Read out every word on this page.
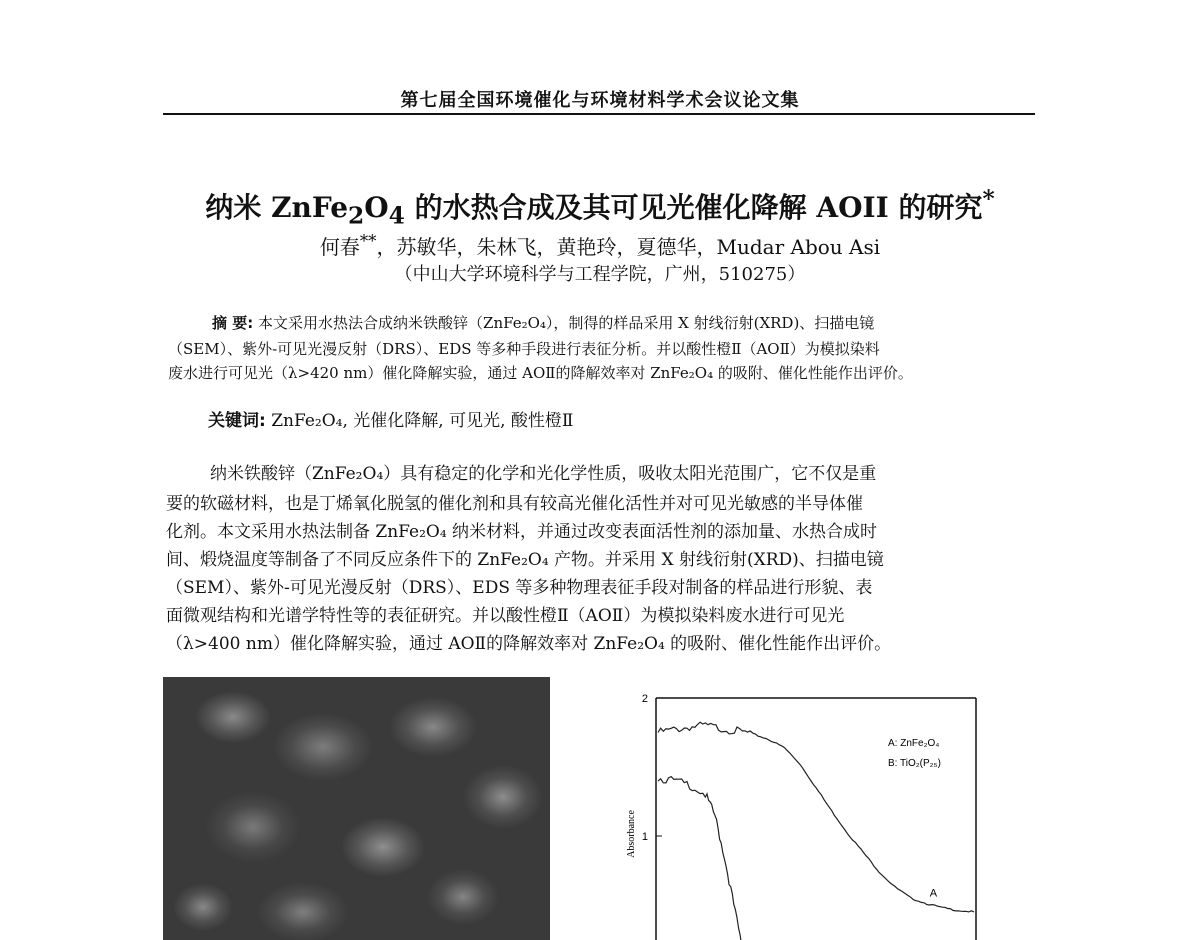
第七届全国环境催化与环境材料学术会议论文集
纳米 $ZnFe_2O_4$ 的水热合成及其可见光催化降解 AOII 的研究*
何春**，苏敏华，朱林飞，黄艳玲，夏德华，Mudar Abou Asi
（中山大学环境科学与工程学院，广州，510275）
摘 要: 本文采用水热法合成纳米铁酸锌（ZnFe₂O₄），制得的样品采用 X 射线衍射(XRD)、扫描电镜
（SEM）、紫外-可见光漫反射（DRS）、EDS 等多种手段进行表征分析。并以酸性橙Ⅱ（AOⅡ）为模拟染料
废水进行可见光（λ>420 nm）催化降解实验，通过 AOⅡ的降解效率对 ZnFe₂O₄ 的吸附、催化性能作出评价。
关键词: ZnFe₂O₄, 光催化降解, 可见光, 酸性橙Ⅱ
纳米铁酸锌（ZnFe₂O₄）具有稳定的化学和光化学性质，吸收太阳光范围广，它不仅是重
要的软磁材料，也是丁烯氧化脱氢的催化剂和具有较高光催化活性并对可见光敏感的半导体催
化剂。本文采用水热法制备 ZnFe₂O₄ 纳米材料，并通过改变表面活性剂的添加量、水热合成时
间、煅烧温度等制备了不同反应条件下的 ZnFe₂O₄ 产物。并采用 X 射线衍射(XRD)、扫描电镜
（SEM）、紫外-可见光漫反射（DRS）、EDS 等多种物理表征手段对制备的样品进行形貌、表
面微观结构和光谱学特性等的表征研究。并以酸性橙Ⅱ（AOⅡ）为模拟染料废水进行可见光
（λ>400 nm）催化降解实验，通过 AOⅡ的降解效率对 ZnFe₂O₄ 的吸附、催化性能作出评价。
2
1
Absorbance
A: ZnFe₂O₄
B: TiO₂(P₂₅)
A
